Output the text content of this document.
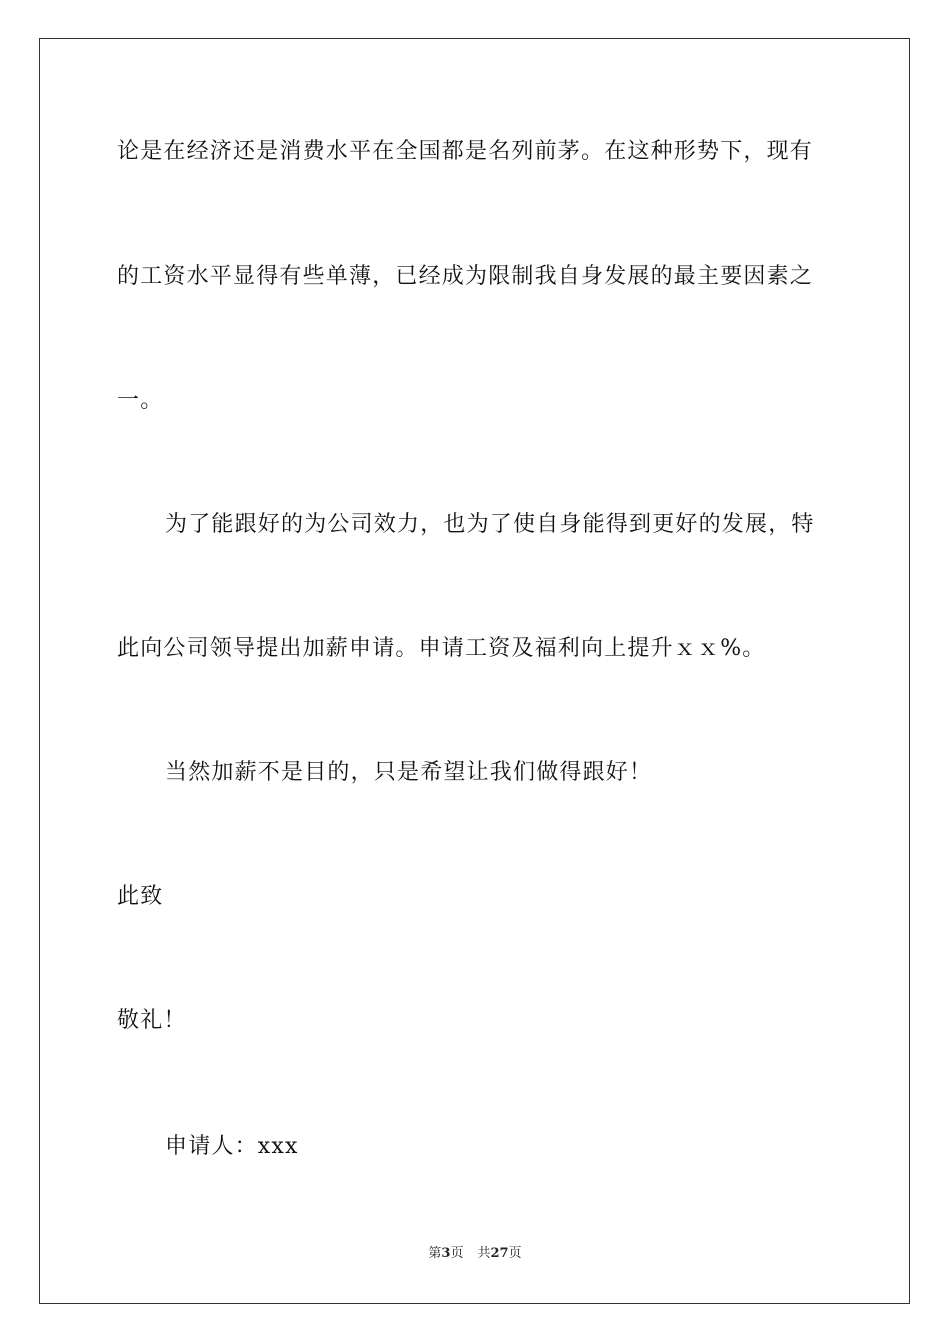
论是在经济还是消费水平在全国都是名列前茅。在这种形势下，现有
的工资水平显得有些单薄，已经成为限制我自身发展的最主要因素之
一。
为了能跟好的为公司效力，也为了使自身能得到更好的发展，特
此向公司领导提出加薪申请。申请工资及福利向上提升ｘｘ%。
当然加薪不是目的，只是希望让我们做得跟好！
此致
敬礼！
申请人：xxx
第3页 共27页
